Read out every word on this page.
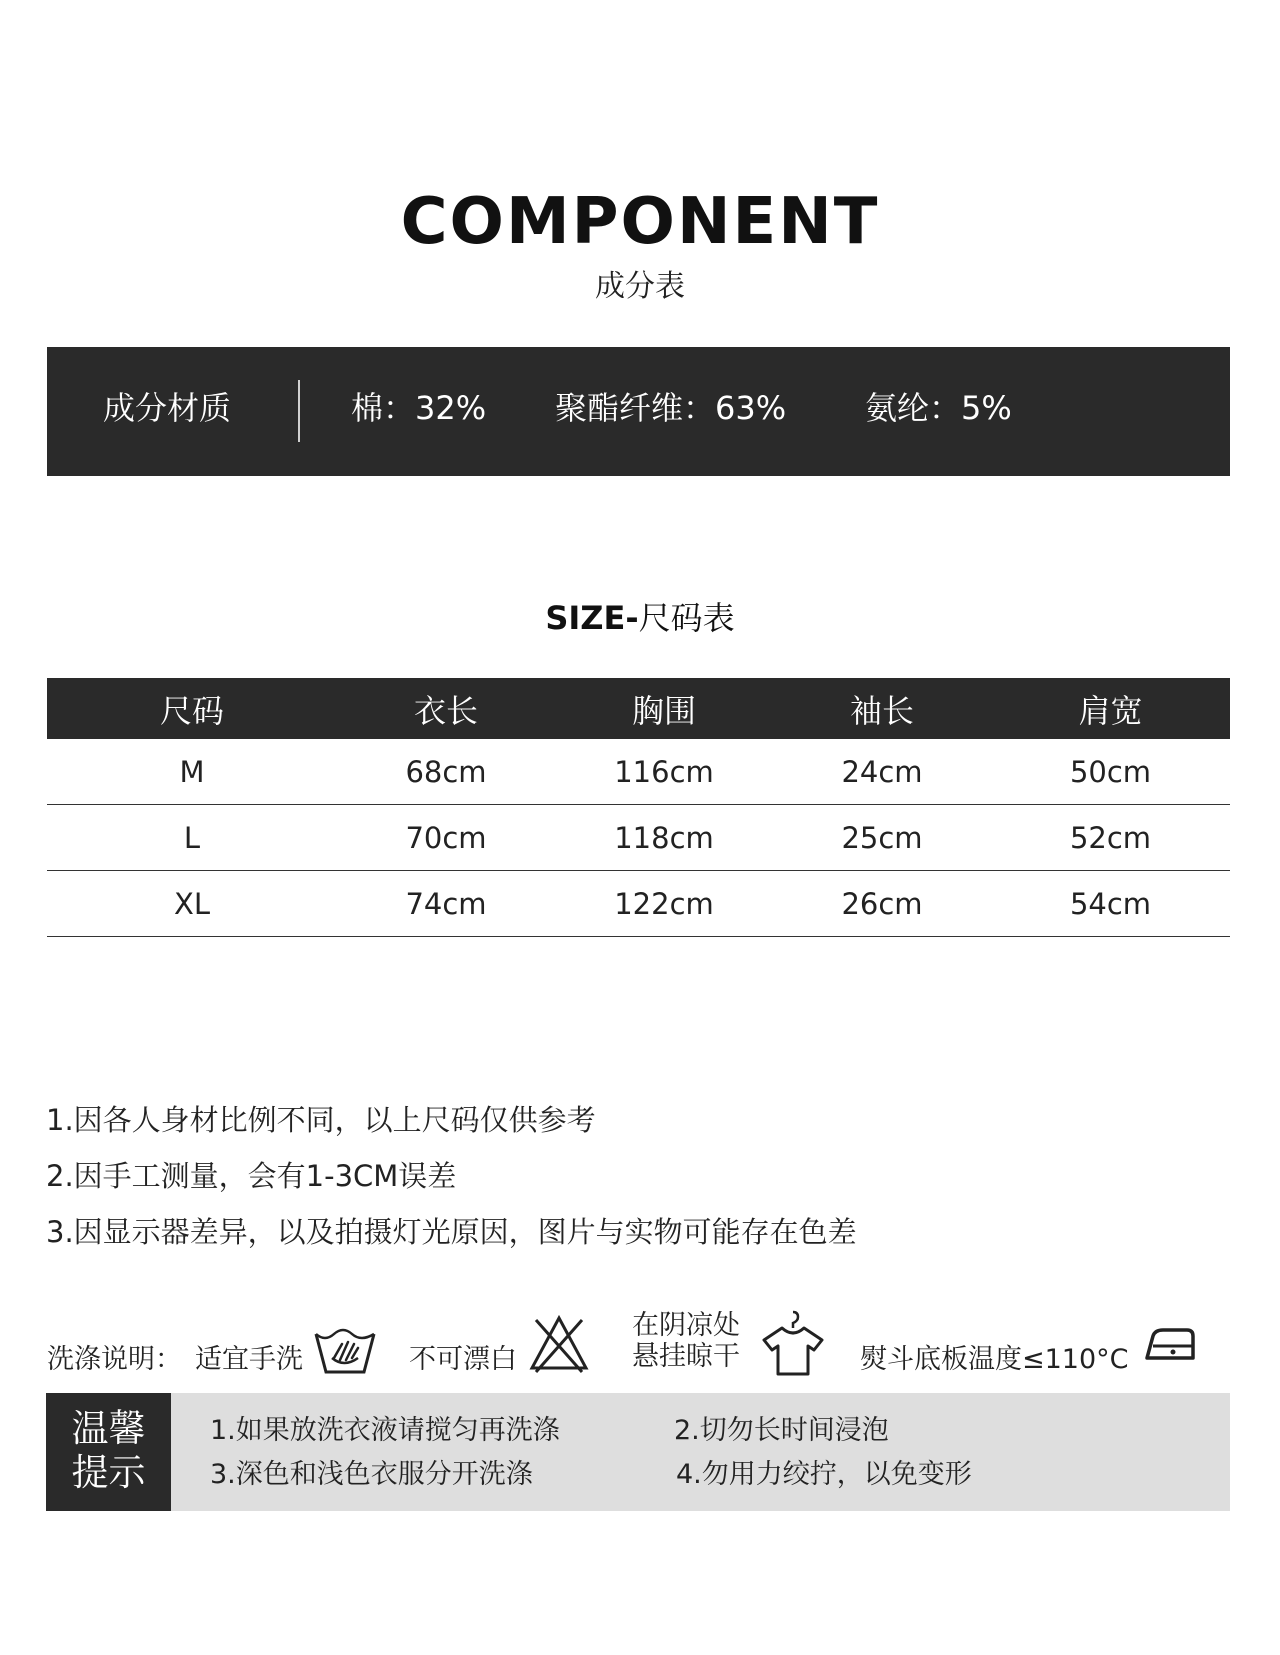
COMPONENT
成分表
成分材质	棉：32% 聚酯纤维：63% 氨纶：5%
SIZE-尺码表
尺码	衣长	胸围	袖长	肩宽
M	68cm	116cm	24cm	50cm
L	70cm	118cm	25cm	52cm
XL	74cm	122cm	26cm	54cm
1.因各人身材比例不同，以上尺码仅供参考
2.因手工测量，会有1-3CM误差
3.因显示器差异，以及拍摄灯光原因，图片与实物可能存在色差
洗涤说明： 适宜手洗	不可漂白
在阴凉处
悬挂晾干	熨斗底板温度≤110°C
温馨
提示
1.如果放洗衣液请搅匀再洗涤	2.切勿长时间浸泡
3.深色和浅色衣服分开洗涤	4.勿用力绞拧，以免变形
